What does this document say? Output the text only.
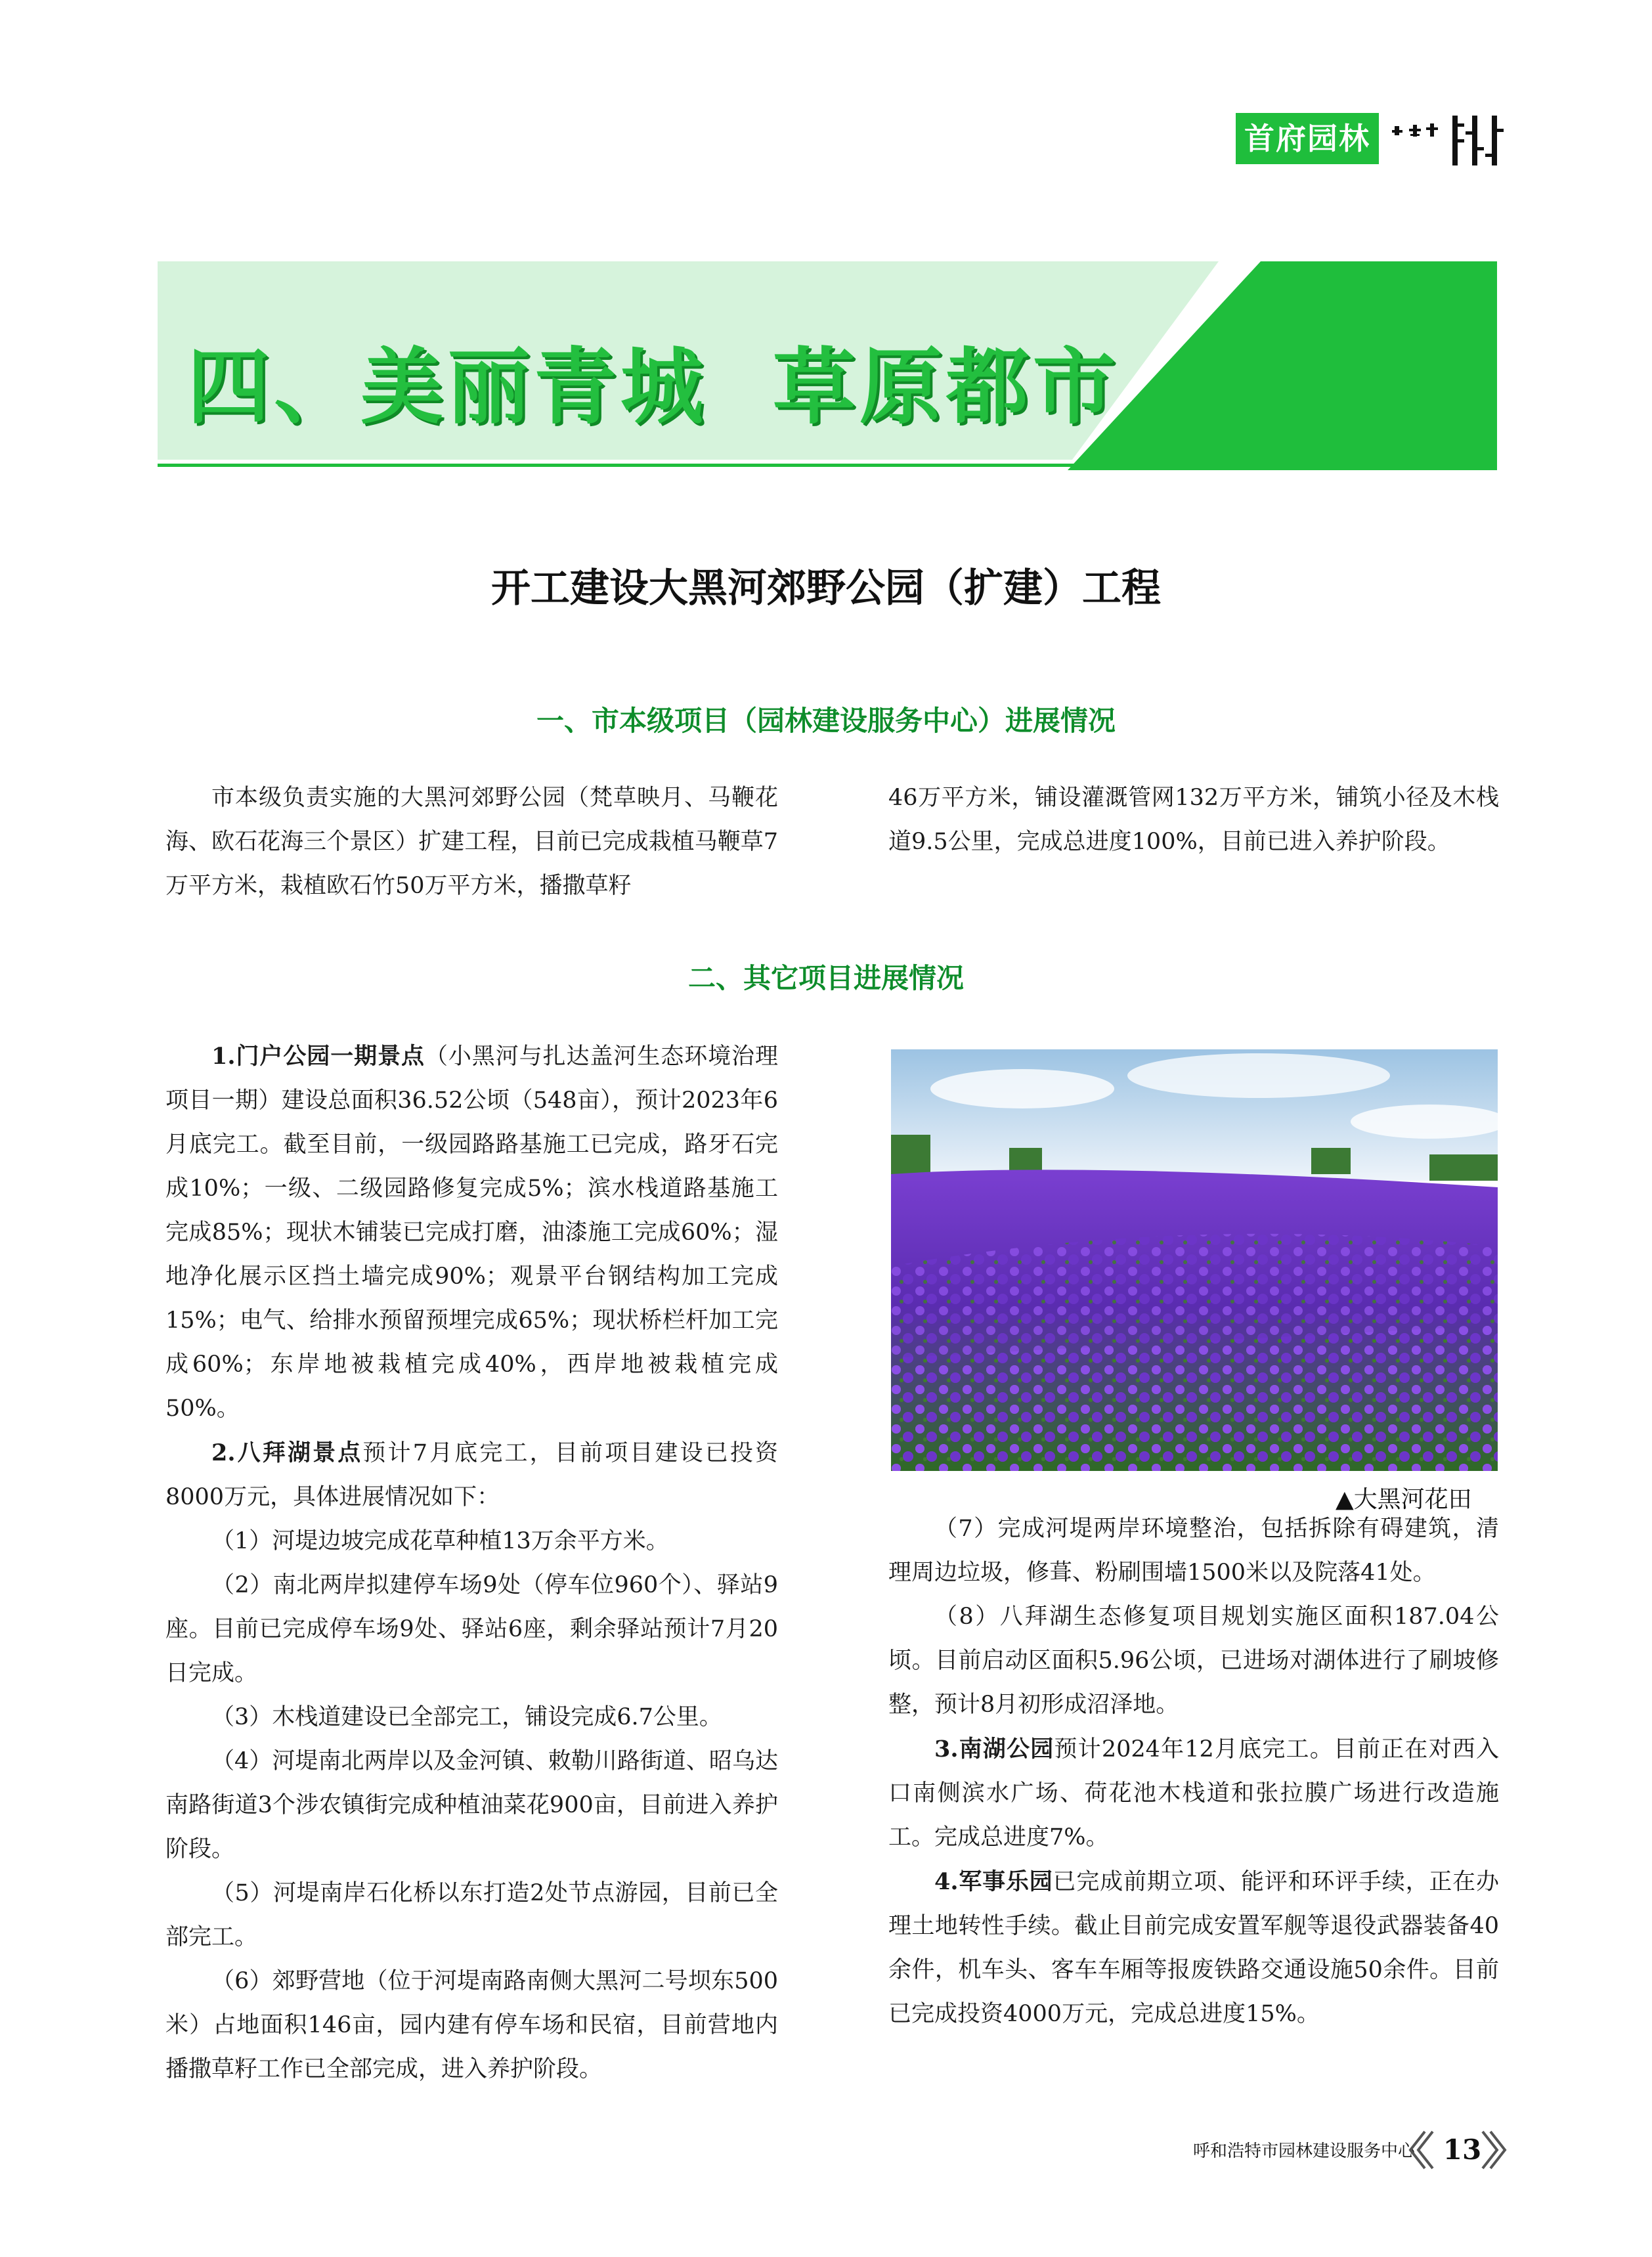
首府园林
四、美丽青城  草原都市
开工建设大黑河郊野公园（扩建）工程
一、市本级项目（园林建设服务中心）进展情况

市本级负责实施的大黑河郊野公园（梵草映月、马鞭花海、欧石花海三个景区）扩建工程，目前已完成栽植马鞭草7万平方米，栽植欧石竹50万平方米，播撒草籽

46万平方米，铺设灌溉管网132万平方米，铺筑小径及木栈道9.5公里，完成总进度100%，目前已进入养护阶段。

二、其它项目进展情况

1.门户公园一期景点（小黑河与扎达盖河生态环境治理项目一期）建设总面积36.52公顷（548亩），预计2023年6月底完工。截至目前，一级园路路基施工已完成，路牙石完成10%；一级、二级园路修复完成5%；滨水栈道路基施工完成85%；现状木铺装已完成打磨，油漆施工完成60%；湿地净化展示区挡土墙完成90%；观景平台钢结构加工完成15%；电气、给排水预留预埋完成65%；现状桥栏杆加工完成60%；东岸地被栽植完成40%，西岸地被栽植完成50%。

2.八拜湖景点预计7月底完工，目前项目建设已投资8000万元，具体进展情况如下：

（1）河堤边坡完成花草种植13万余平方米。

（2）南北两岸拟建停车场9处（停车位960个）、驿站9座。目前已完成停车场9处、驿站6座，剩余驿站预计7月20日完成。

（3）木栈道建设已全部完工，铺设完成6.7公里。

（4）河堤南北两岸以及金河镇、敕勒川路街道、昭乌达南路街道3个涉农镇街完成种植油菜花900亩，目前进入养护阶段。

（5）河堤南岸石化桥以东打造2处节点游园，目前已全部完工。

（6）郊野营地（位于河堤南路南侧大黑河二号坝东500米）占地面积146亩，园内建有停车场和民宿，目前营地内播撒草籽工作已全部完成，进入养护阶段。

▲大黑河花田

（7）完成河堤两岸环境整治，包括拆除有碍建筑，清理周边垃圾，修葺、粉刷围墙1500米以及院落41处。

（8）八拜湖生态修复项目规划实施区面积187.04公顷。目前启动区面积5.96公顷，已进场对湖体进行了刷坡修整，预计8月初形成沼泽地。

3.南湖公园预计2024年12月底完工。目前正在对西入口南侧滨水广场、荷花池木栈道和张拉膜广场进行改造施工。完成总进度7%。

4.军事乐园已完成前期立项、能评和环评手续，正在办理土地转性手续。截止目前完成安置军舰等退役武器装备40余件，机车头、客车车厢等报废铁路交通设施50余件。目前已完成投资4000万元，完成总进度15%。

呼和浩特市园林建设服务中心	13
